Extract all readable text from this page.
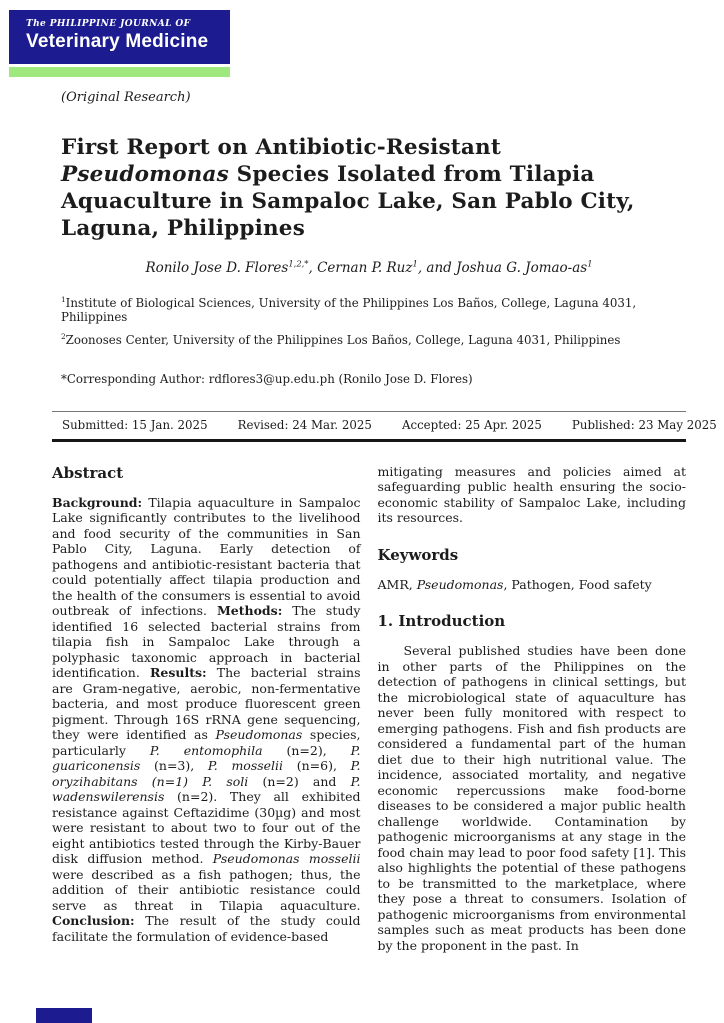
The PHILIPPINE JOURNAL OF
Veterinary Medicine
(Original Research)
First Report on Antibiotic-Resistant Pseudomonas Species Isolated from Tilapia Aquaculture in Sampaloc Lake, San Pablo City, Laguna, Philippines
Ronilo Jose D. Flores$^{1,2,*}$, Cernan P. Ruz$^1$, and Joshua G. Jomao-$as^1$
$^1$Institute of Biological Sciences, University of the Philippines Los Baños, College, Laguna 4031, Philippines
$^2$Zoonoses Center, University of the Philippines Los Baños, College, Laguna 4031, Philippines
*Corresponding Author: rdflores3@up.edu.ph (Ronilo Jose D. Flores)
Submitted: 15 Jan. 2025	Revised: 24 Mar. 2025	Accepted: 25 Apr. 2025	Published: 23 May 2025
Abstract

Background: Tilapia aquaculture in Sampaloc Lake significantly contributes to the livelihood and food security of the communities in San Pablo City, Laguna. Early detection of pathogens and antibiotic-resistant bacteria that could potentially affect tilapia production and the health of the consumers is essential to avoid outbreak of infections. Methods: The study identified 16 selected bacterial strains from tilapia fish in Sampaloc Lake through a polyphasic taxonomic approach in bacterial identification. Results: The bacterial strains are Gram-negative, aerobic, non-fermentative bacteria, and most produce fluorescent green pigment. Through 16S rRNA gene sequencing, they were identified as Pseudomonas species, particularly P. entomophila (n=2), P. guariconensis (n=3), P. mosselii (n=6), P. oryzihabitans (n=1) P. soli (n=2) and P. wadenswilerensis (n=2). They all exhibited resistance against Ceftazidime (30µg) and most were resistant to about two to four out of the eight antibiotics tested through the Kirby-Bauer disk diffusion method. Pseudomonas mosselii were described as a fish pathogen; thus, the addition of their antibiotic resistance could serve as threat in Tilapia aquaculture. Conclusion: The result of the study could facilitate the formulation of evidence-based

mitigating measures and policies aimed at safeguarding public health ensuring the socio-economic stability of Sampaloc Lake, including its resources.

Keywords

AMR, Pseudomonas, Pathogen, Food safety

1. Introduction

Several published studies have been done in other parts of the Philippines on the detection of pathogens in clinical settings, but the microbiological state of aquaculture has never been fully monitored with respect to emerging pathogens. Fish and fish products are considered a fundamental part of the human diet due to their high nutritional value. The incidence, associated mortality, and negative economic repercussions make food-borne diseases to be considered a major public health challenge worldwide. Contamination by pathogenic microorganisms at any stage in the food chain may lead to poor food safety [1]. This also highlights the potential of these pathogens to be transmitted to the marketplace, where they pose a threat to consumers. Isolation of pathogenic microorganisms from environmental samples such as meat products has been done by the proponent in the past. In
